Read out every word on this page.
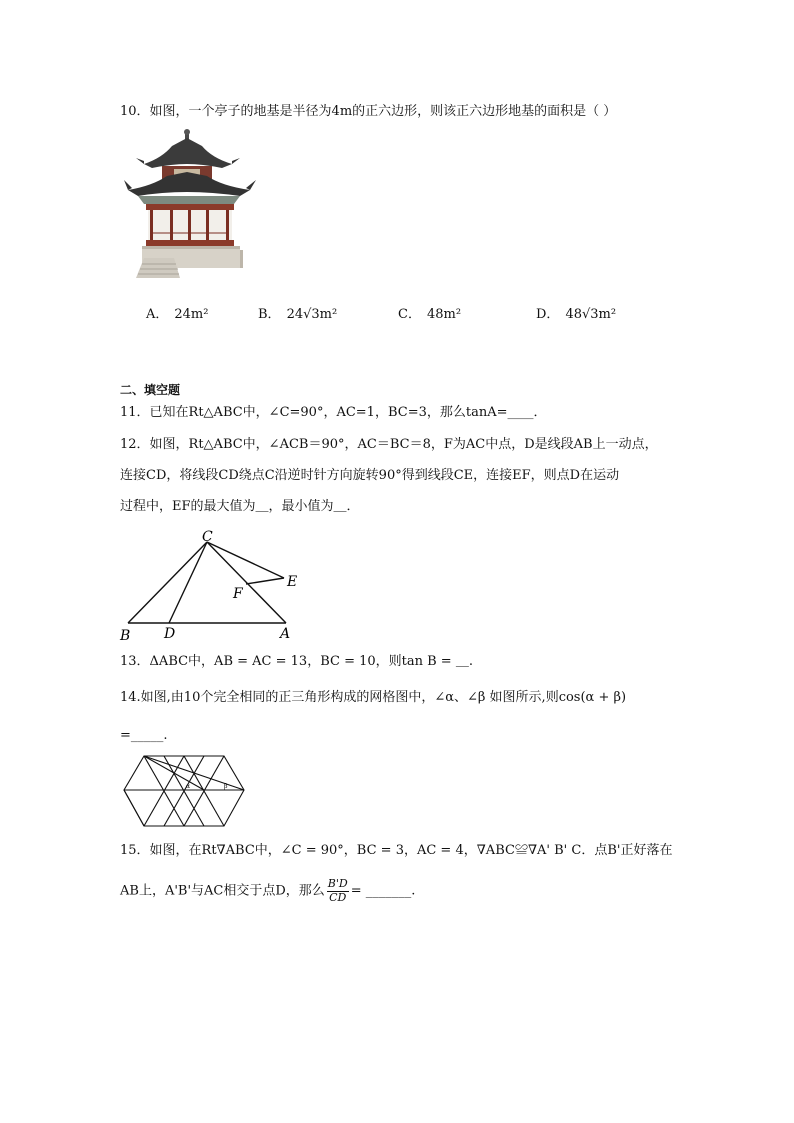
10．如图，一个亭子的地基是半径为4m的正六边形，则该正六边形地基的面积是（ ）
A． 24m²	B． 24√3m²	C． 48m²	D． 48√3m²
二、填空题
11．已知在Rt△ABC中，∠C=90°，AC=1，BC=3，那么tanA=____．
12．如图，Rt△ABC中，∠ACB＝90°，AC＝BC＝8，F为AC中点，D是线段AB上一动点，
连接CD，将线段CD绕点C沿逆时针方向旋转90°得到线段CE，连接EF，则点D在运动
过程中，EF的最大值为＿，最小值为＿．
C
E
F
B D	A
13．ΔABC中，AB = AC = 13，BC = 10，则tan B = ＿.
14.如图,由10个完全相同的正三角形构成的网格图中，∠α、∠β 如图所示,则cos(α + β)
=_____.
α	β
15．如图，在Rt∇ABC中，∠C = 90°，BC = 3，AC = 4，∇ABC≌∇A' B' C．点B'正好落在
AB上，A'B'与AC相交于点D，那么 $\frac{B'D}{CD}$ = _______.
